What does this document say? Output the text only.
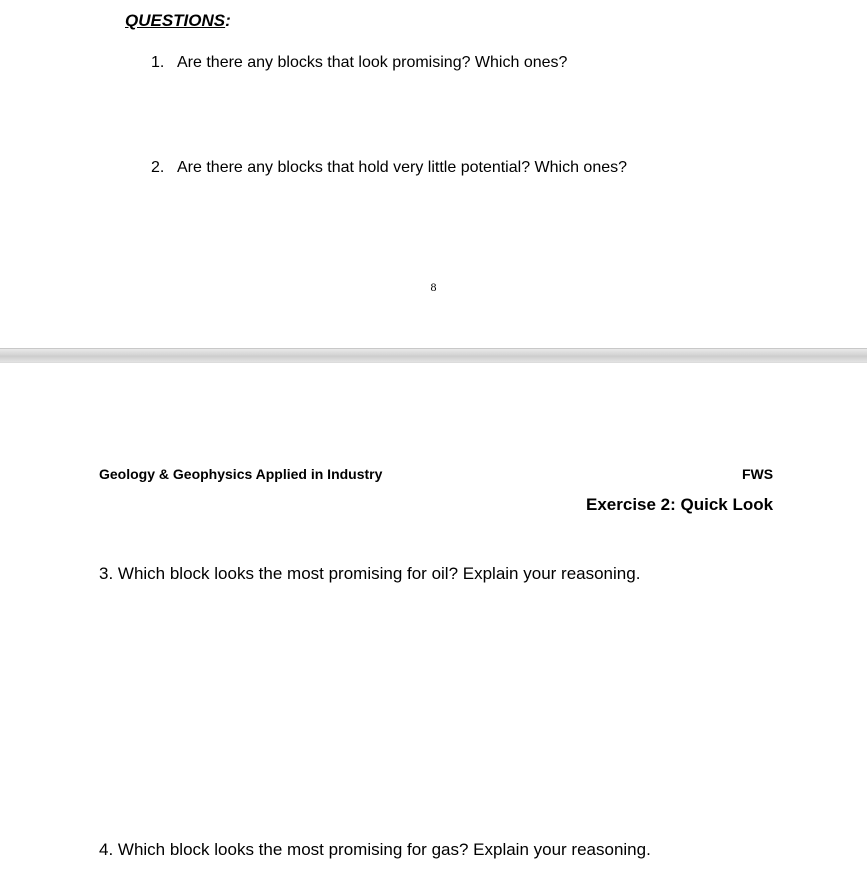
QUESTIONS:
1. Are there any blocks that look promising? Which ones?
2. Are there any blocks that hold very little potential? Which ones?
8
Geology & Geophysics Applied in Industry	FWS
Exercise 2: Quick Look
3. Which block looks the most promising for oil? Explain your reasoning.
4. Which block looks the most promising for gas? Explain your reasoning.
